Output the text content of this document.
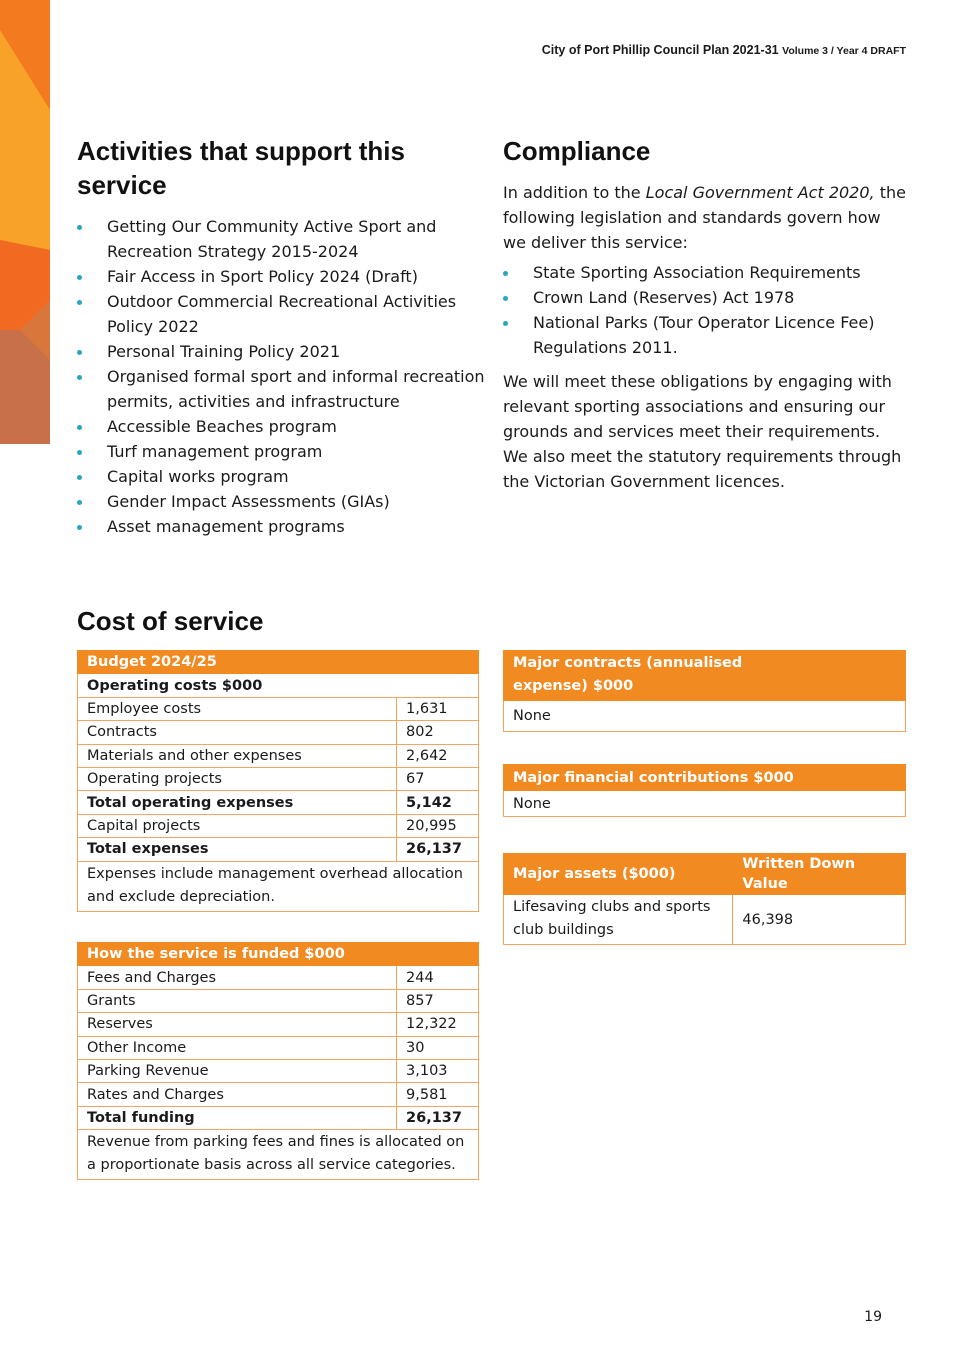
City of Port Phillip Council Plan 2021-31 Volume 3 / Year 4 DRAFT
Activities that support this service
Getting Our Community Active Sport and Recreation Strategy 2015-2024
Fair Access in Sport Policy 2024 (Draft)
Outdoor Commercial Recreational Activities Policy 2022
Personal Training Policy 2021
Organised formal sport and informal recreation permits, activities and infrastructure
Accessible Beaches program
Turf management program
Capital works program
Gender Impact Assessments (GIAs)
Asset management programs
Compliance

In addition to the Local Government Act 2020, the following legislation and standards govern how we deliver this service:

State Sporting Association Requirements
Crown Land (Reserves) Act 1978
National Parks (Tour Operator Licence Fee) Regulations 2011.

We will meet these obligations by engaging with relevant sporting associations and ensuring our grounds and services meet their requirements. We also meet the statutory requirements through the Victorian Government licences.

Cost of service
Budget 2024/25	
Operating costs $000	
Employee costs	1,631
Contracts	802
Materials and other expenses	2,642
Operating projects	67
Total operating expenses	5,142
Capital projects	20,995
Total expenses	26,137
Expenses include management overhead allocation and exclude depreciation.	
How the service is funded $000	
Fees and Charges	244
Grants	857
Reserves	12,322
Other Income	30
Parking Revenue	3,103
Rates and Charges	9,581
Total funding	26,137
Revenue from parking fees and fines is allocated on a proportionate basis across all service categories.	
Major contracts (annualised expense) $000	
None
Major financial contributions $000
None
Major assets ($000)	Written Down Value
Lifesaving clubs and sports club buildings	46,398
19
